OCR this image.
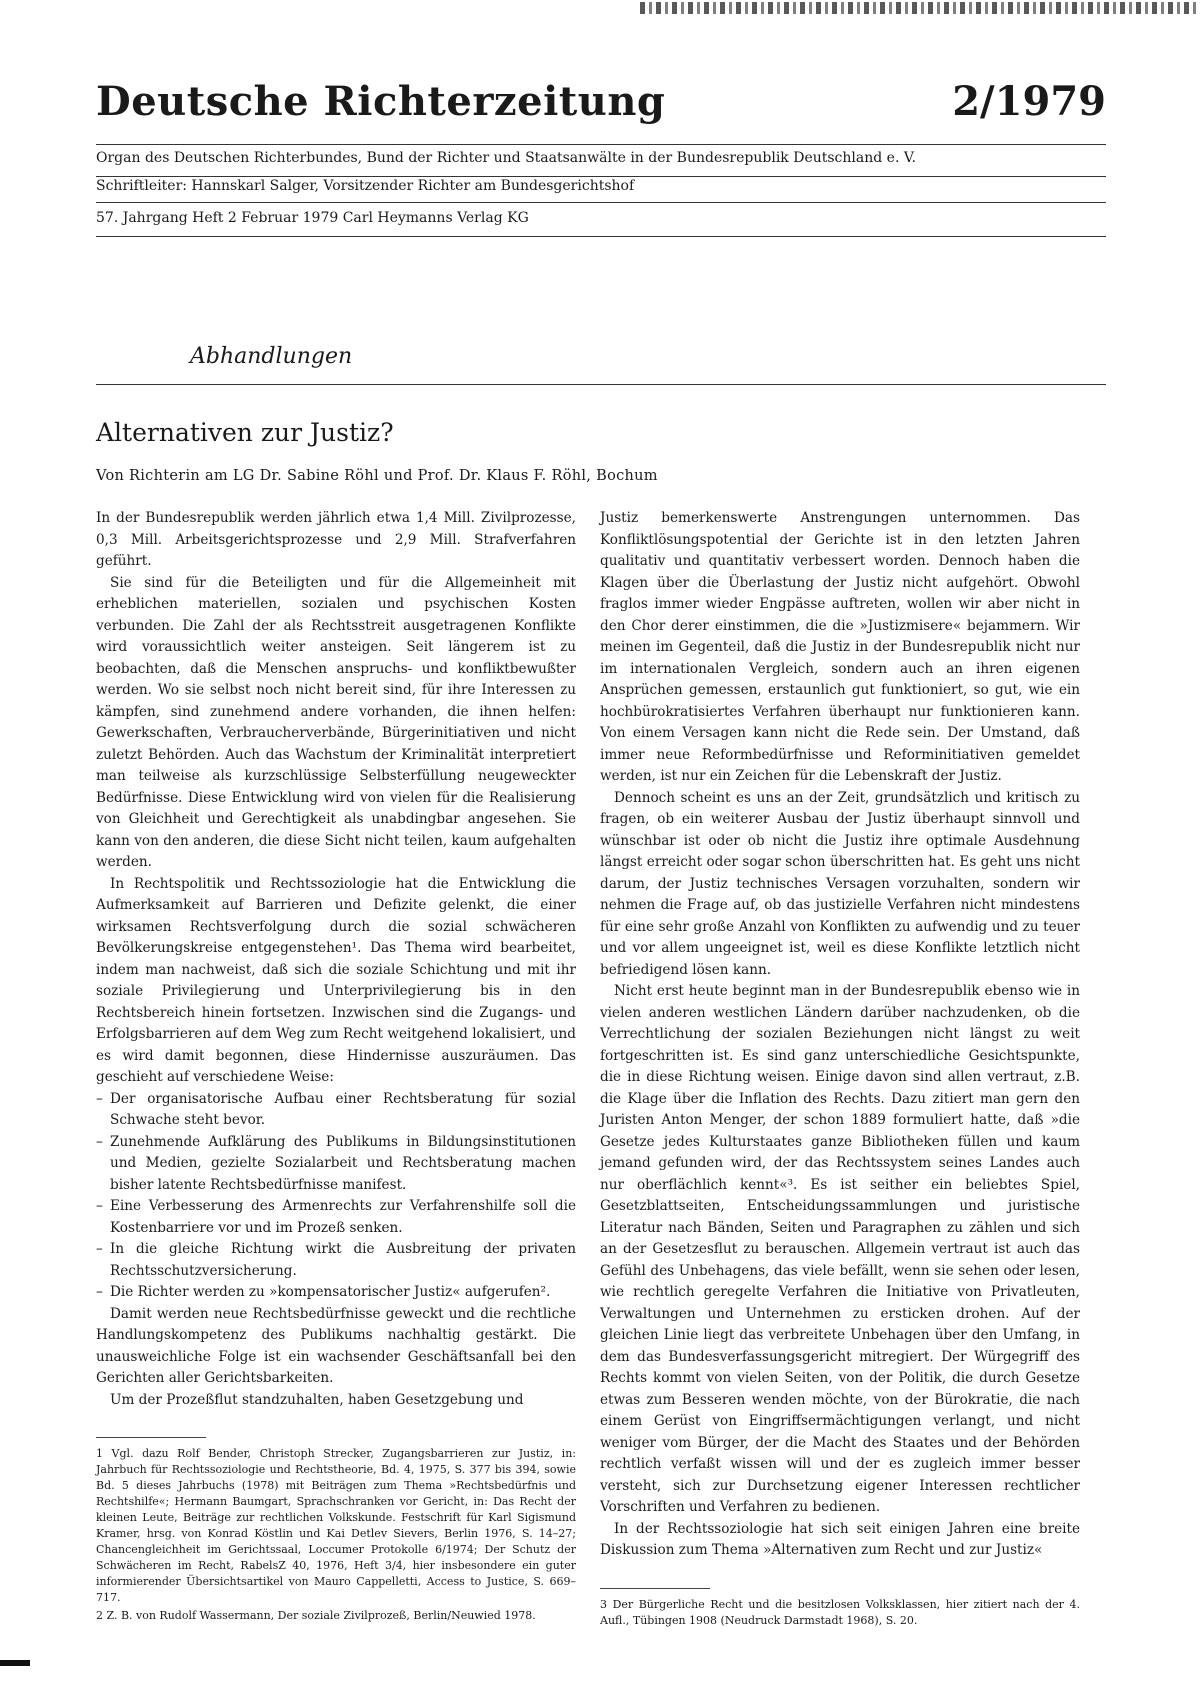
Deutsche Richterzeitung	2/1979
Organ des Deutschen Richterbundes, Bund der Richter und Staatsanwälte in der Bundesrepublik Deutschland e. V.
Schriftleiter: Hannskarl Salger, Vorsitzender Richter am Bundesgerichtshof
57. Jahrgang Heft 2 Februar 1979 Carl Heymanns Verlag KG
Abhandlungen
Alternativen zur Justiz?
Von Richterin am LG Dr. Sabine Röhl und Prof. Dr. Klaus F. Röhl, Bochum

In der Bundesrepublik werden jährlich etwa 1,4 Mill. Zivilprozesse, 0,3 Mill. Arbeitsgerichtsprozesse und 2,9 Mill. Strafverfahren geführt.

Sie sind für die Beteiligten und für die Allgemeinheit mit erheblichen materiellen, sozialen und psychischen Kosten verbunden. Die Zahl der als Rechtsstreit ausgetragenen Konflikte wird voraussichtlich weiter ansteigen. Seit längerem ist zu beobachten, daß die Menschen anspruchs- und konfliktbewußter werden. Wo sie selbst noch nicht bereit sind, für ihre Interessen zu kämpfen, sind zunehmend andere vorhanden, die ihnen helfen: Gewerkschaften, Verbraucherverbände, Bürgerinitiativen und nicht zuletzt Behörden. Auch das Wachstum der Kriminalität interpretiert man teilweise als kurzschlüssige Selbsterfüllung neugeweckter Bedürfnisse. Diese Entwicklung wird von vielen für die Realisierung von Gleichheit und Gerechtigkeit als unabdingbar angesehen. Sie kann von den anderen, die diese Sicht nicht teilen, kaum aufgehalten werden.

In Rechtspolitik und Rechtssoziologie hat die Entwicklung die Aufmerksamkeit auf Barrieren und Defizite gelenkt, die einer wirksamen Rechtsverfolgung durch die sozial schwächeren Bevölkerungskreise entgegenstehen¹. Das Thema wird bearbeitet, indem man nachweist, daß sich die soziale Schichtung und mit ihr soziale Privilegierung und Unterprivilegierung bis in den Rechtsbereich hinein fortsetzen. Inzwischen sind die Zugangs- und Erfolgsbarrieren auf dem Weg zum Recht weitgehend lokalisiert, und es wird damit begonnen, diese Hindernisse auszuräumen. Das geschieht auf verschiedene Weise:

– Der organisatorische Aufbau einer Rechtsberatung für sozial Schwache steht bevor.
– Zunehmende Aufklärung des Publikums in Bildungsinstitutionen und Medien, gezielte Sozialarbeit und Rechtsberatung machen bisher latente Rechtsbedürfnisse manifest.
– Eine Verbesserung des Armenrechts zur Verfahrenshilfe soll die Kostenbarriere vor und im Prozeß senken.
– In die gleiche Richtung wirkt die Ausbreitung der privaten Rechtsschutzversicherung.
– Die Richter werden zu »kompensatorischer Justiz« aufgerufen².

Damit werden neue Rechtsbedürfnisse geweckt und die rechtliche Handlungskompetenz des Publikums nachhaltig gestärkt. Die unausweichliche Folge ist ein wachsender Geschäftsanfall bei den Gerichten aller Gerichtsbarkeiten.

Um der Prozeßflut standzuhalten, haben Gesetzgebung und

1 Vgl. dazu Rolf Bender, Christoph Strecker, Zugangsbarrieren zur Justiz, in: Jahrbuch für Rechtssoziologie und Rechtstheorie, Bd. 4, 1975, S. 377 bis 394, sowie Bd. 5 dieses Jahrbuchs (1978) mit Beiträgen zum Thema »Rechtsbedürfnis und Rechtshilfe«; Hermann Baumgart, Sprachschranken vor Gericht, in: Das Recht der kleinen Leute, Beiträge zur rechtlichen Volkskunde. Festschrift für Karl Sigismund Kramer, hrsg. von Konrad Köstlin und Kai Detlev Sievers, Berlin 1976, S. 14–27; Chancengleichheit im Gerichtssaal, Loccumer Protokolle 6/1974; Der Schutz der Schwächeren im Recht, RabelsZ 40, 1976, Heft 3/4, hier insbesondere ein guter informierender Übersichtsartikel von Mauro Cappelletti, Access to Justice, S. 669–717.

2 Z. B. von Rudolf Wassermann, Der soziale Zivilprozeß, Berlin/Neuwied 1978.

Justiz bemerkenswerte Anstrengungen unternommen. Das Konfliktlösungspotential der Gerichte ist in den letzten Jahren qualitativ und quantitativ verbessert worden. Dennoch haben die Klagen über die Überlastung der Justiz nicht aufgehört. Obwohl fraglos immer wieder Engpässe auftreten, wollen wir aber nicht in den Chor derer einstimmen, die die »Justizmisere« bejammern. Wir meinen im Gegenteil, daß die Justiz in der Bundesrepublik nicht nur im internationalen Vergleich, sondern auch an ihren eigenen Ansprüchen gemessen, erstaunlich gut funktioniert, so gut, wie ein hochbürokratisiertes Verfahren überhaupt nur funktionieren kann. Von einem Versagen kann nicht die Rede sein. Der Umstand, daß immer neue Reformbedürfnisse und Reforminitiativen gemeldet werden, ist nur ein Zeichen für die Lebenskraft der Justiz.

Dennoch scheint es uns an der Zeit, grundsätzlich und kritisch zu fragen, ob ein weiterer Ausbau der Justiz überhaupt sinnvoll und wünschbar ist oder ob nicht die Justiz ihre optimale Ausdehnung längst erreicht oder sogar schon überschritten hat. Es geht uns nicht darum, der Justiz technisches Versagen vorzuhalten, sondern wir nehmen die Frage auf, ob das justizielle Verfahren nicht mindestens für eine sehr große Anzahl von Konflikten zu aufwendig und zu teuer und vor allem ungeeignet ist, weil es diese Konflikte letztlich nicht befriedigend lösen kann.

Nicht erst heute beginnt man in der Bundesrepublik ebenso wie in vielen anderen westlichen Ländern darüber nachzudenken, ob die Verrechtlichung der sozialen Beziehungen nicht längst zu weit fortgeschritten ist. Es sind ganz unterschiedliche Gesichtspunkte, die in diese Richtung weisen. Einige davon sind allen vertraut, z.B. die Klage über die Inflation des Rechts. Dazu zitiert man gern den Juristen Anton Menger, der schon 1889 formuliert hatte, daß »die Gesetze jedes Kulturstaates ganze Bibliotheken füllen und kaum jemand gefunden wird, der das Rechtssystem seines Landes auch nur oberflächlich kennt«³. Es ist seither ein beliebtes Spiel, Gesetzblattseiten, Entscheidungssammlungen und juristische Literatur nach Bänden, Seiten und Paragraphen zu zählen und sich an der Gesetzesflut zu berauschen. Allgemein vertraut ist auch das Gefühl des Unbehagens, das viele befällt, wenn sie sehen oder lesen, wie rechtlich geregelte Verfahren die Initiative von Privatleuten, Verwaltungen und Unternehmen zu ersticken drohen. Auf der gleichen Linie liegt das verbreitete Unbehagen über den Umfang, in dem das Bundesverfassungsgericht mitregiert. Der Würgegriff des Rechts kommt von vielen Seiten, von der Politik, die durch Gesetze etwas zum Besseren wenden möchte, von der Bürokratie, die nach einem Gerüst von Eingriffsermächtigungen verlangt, und nicht weniger vom Bürger, der die Macht des Staates und der Behörden rechtlich verfaßt wissen will und der es zugleich immer besser versteht, sich zur Durchsetzung eigener Interessen rechtlicher Vorschriften und Verfahren zu bedienen.

In der Rechtssoziologie hat sich seit einigen Jahren eine breite Diskussion zum Thema »Alternativen zum Recht und zur Justiz«

3 Der Bürgerliche Recht und die besitzlosen Volksklassen, hier zitiert nach der 4. Aufl., Tübingen 1908 (Neudruck Darmstadt 1968), S. 20.
